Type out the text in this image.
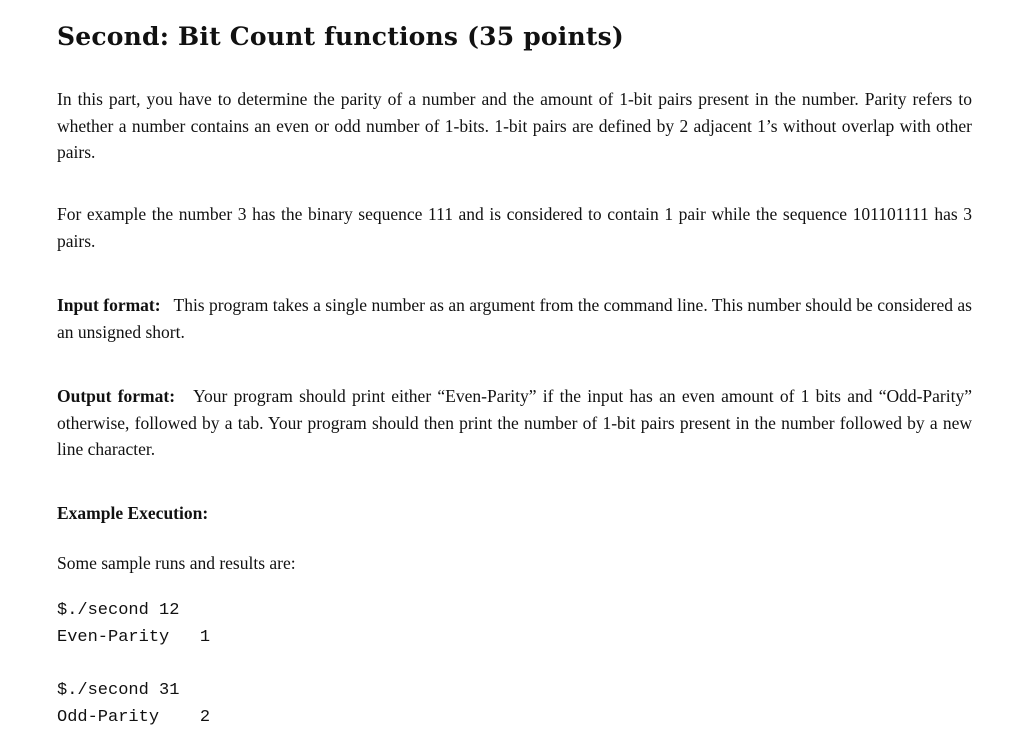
Second: Bit Count functions (35 points)
In this part, you have to determine the parity of a number and the amount of 1-bit pairs present in the number. Parity refers to whether a number contains an even or odd number of 1-bits. 1-bit pairs are defined by 2 adjacent 1’s without overlap with other pairs.
For example the number 3 has the binary sequence 111 and is considered to contain 1 pair while the sequence 101101111 has 3 pairs.
Input format: This program takes a single number as an argument from the command line. This number should be considered as an unsigned short.
Output format: Your program should print either “Even-Parity” if the input has an even amount of 1 bits and “Odd-Parity” otherwise, followed by a tab. Your program should then print the number of 1-bit pairs present in the number followed by a new line character.
Example Execution:
Some sample runs and results are:
$./second 12
Even-Parity   1
$./second 31
Odd-Parity    2
